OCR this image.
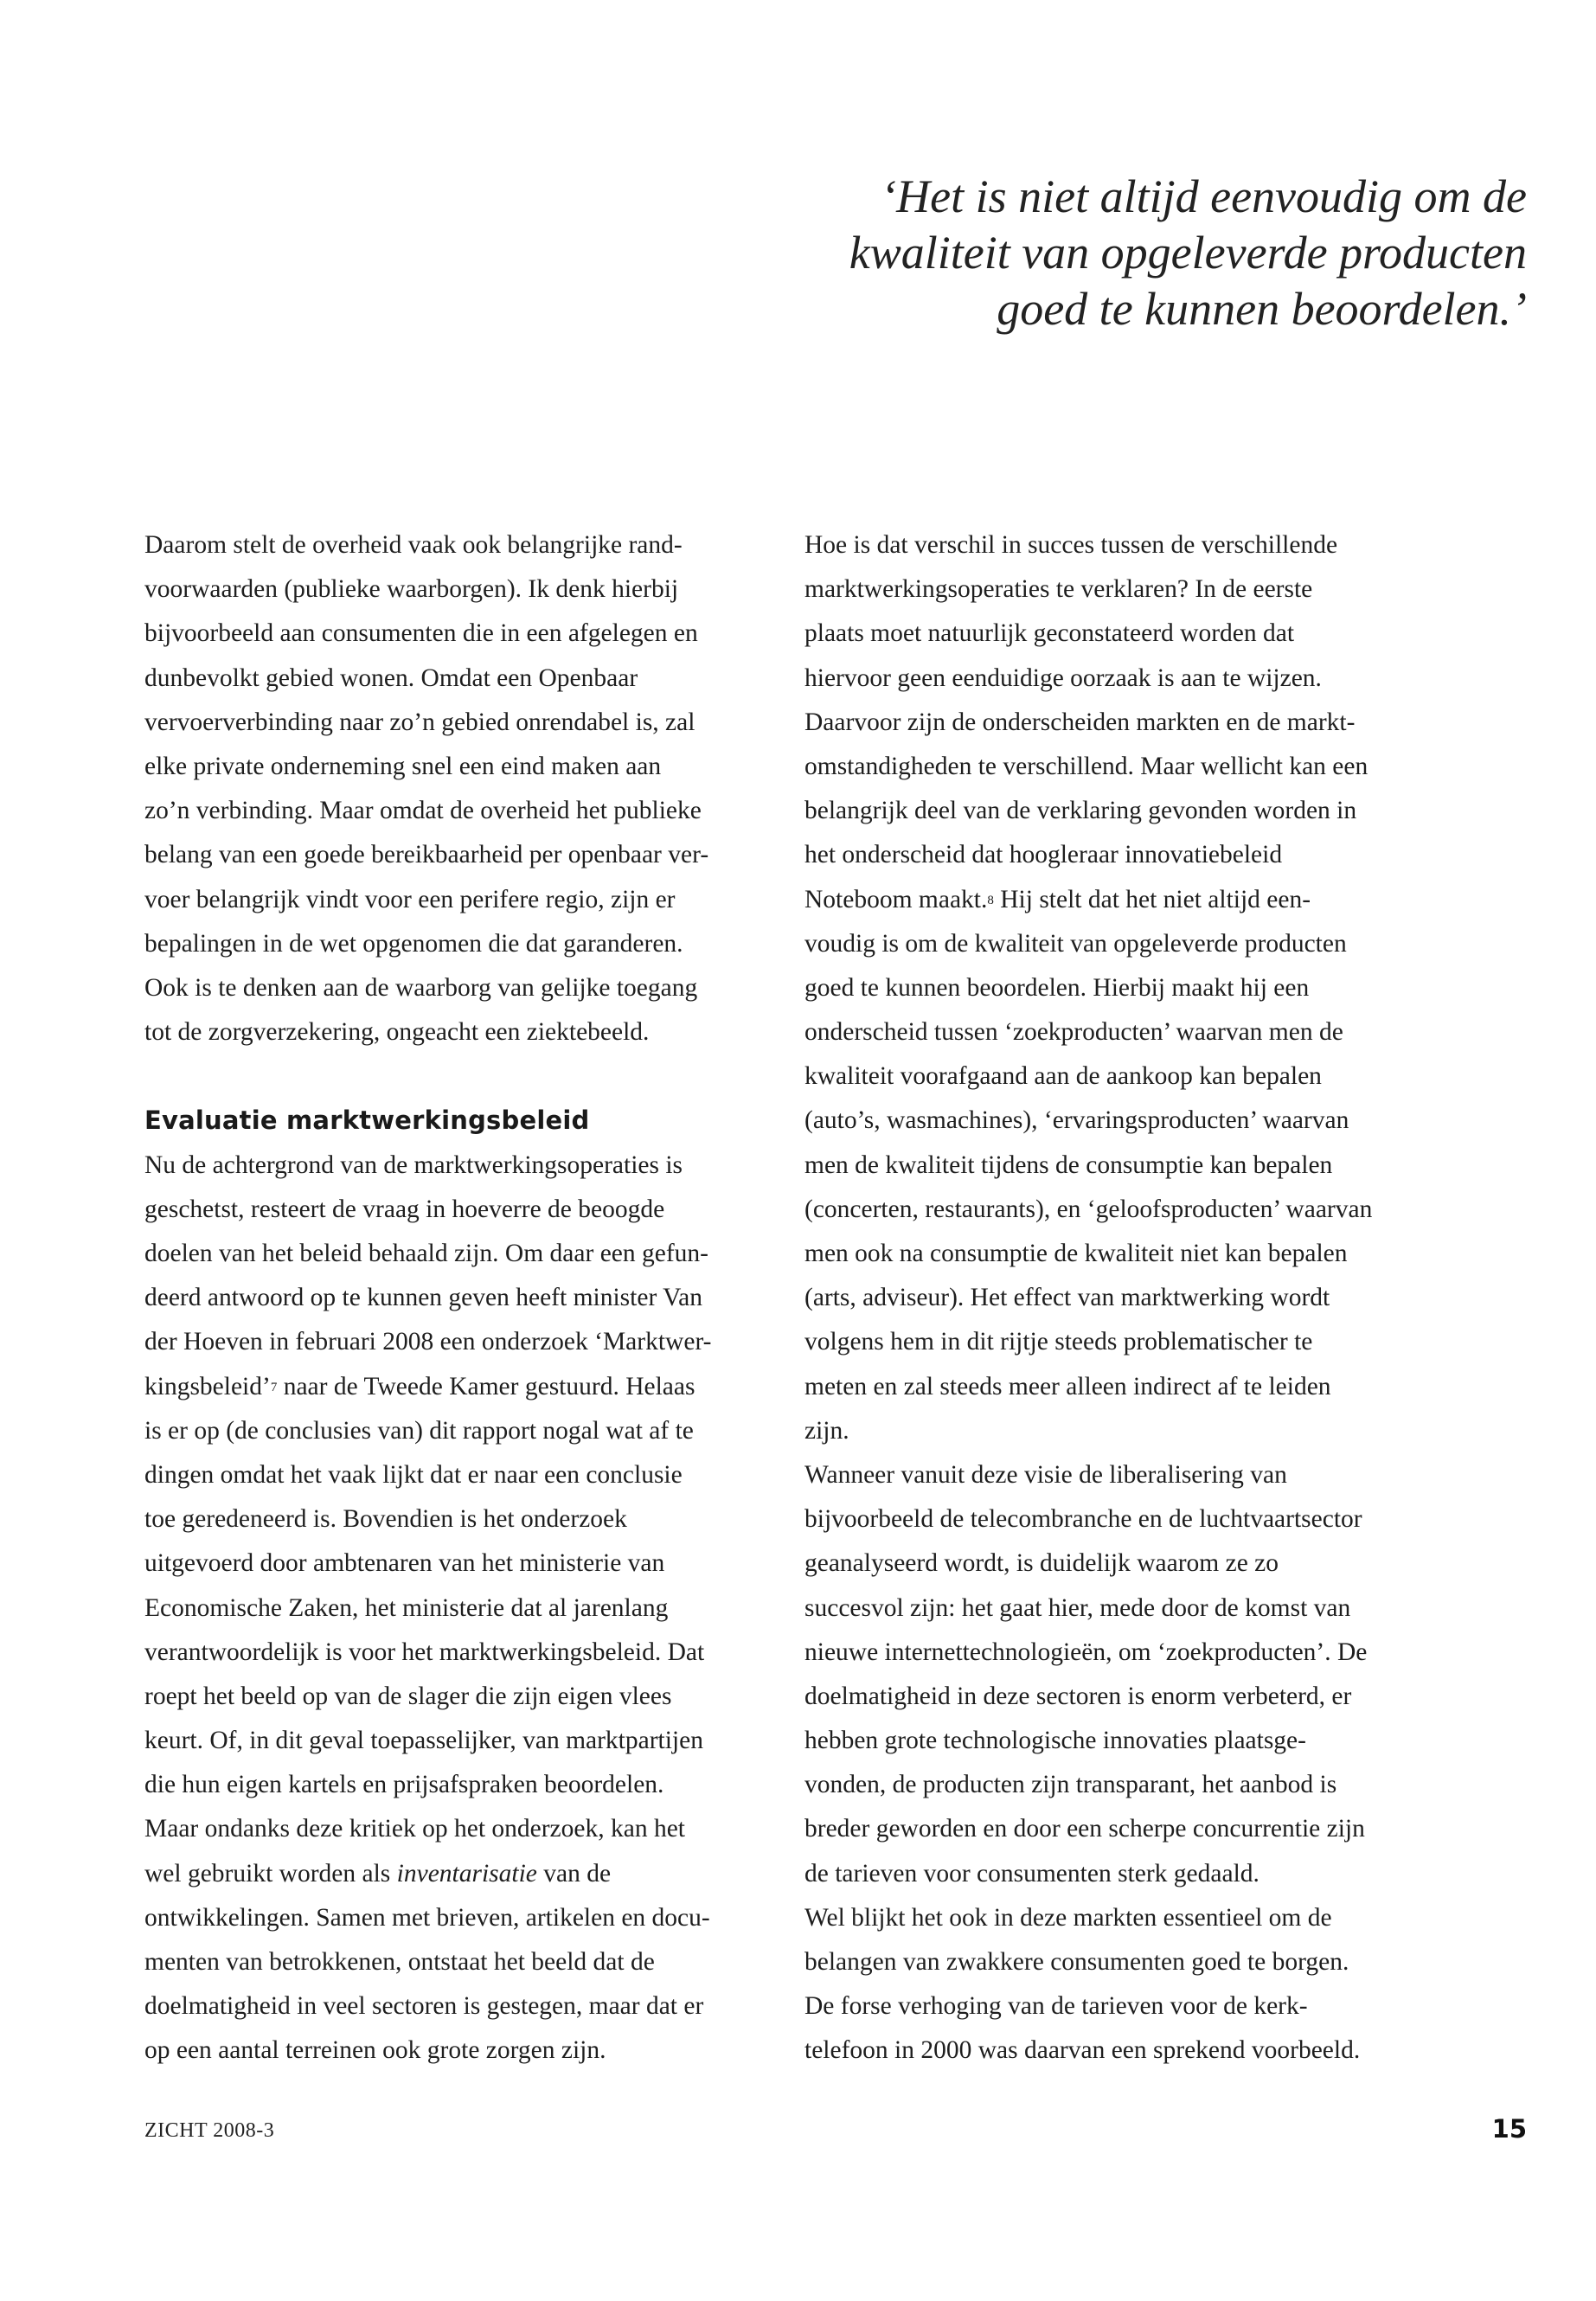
‘Het is niet altijd eenvoudig om de
kwaliteit van opgeleverde producten
goed te kunnen beoordelen.’
Daarom stelt de overheid vaak ook belangrijke rand-
voorwaarden (publieke waarborgen). Ik denk hierbij
bijvoorbeeld aan consumenten die in een afgelegen en
dunbevolkt gebied wonen. Omdat een Openbaar
vervoerverbinding naar zo’n gebied onrendabel is, zal
elke private onderneming snel een eind maken aan
zo’n verbinding. Maar omdat de overheid het publieke
belang van een goede bereikbaarheid per openbaar ver-
voer belangrijk vindt voor een perifere regio, zijn er
bepalingen in de wet opgenomen die dat garanderen.
Ook is te denken aan de waarborg van gelijke toegang
tot de zorgverzekering, ongeacht een ziektebeeld.
Evaluatie marktwerkingsbeleid
Nu de achtergrond van de marktwerkingsoperaties is
geschetst, resteert de vraag in hoeverre de beoogde
doelen van het beleid behaald zijn. Om daar een gefun-
deerd antwoord op te kunnen geven heeft minister Van
der Hoeven in februari 2008 een onderzoek ‘Marktwer-
kingsbeleid’$^7$ naar de Tweede Kamer gestuurd. Helaas
is er op (de conclusies van) dit rapport nogal wat af te
dingen omdat het vaak lijkt dat er naar een conclusie
toe geredeneerd is. Bovendien is het onderzoek
uitgevoerd door ambtenaren van het ministerie van
Economische Zaken, het ministerie dat al jarenlang
verantwoordelijk is voor het marktwerkingsbeleid. Dat
roept het beeld op van de slager die zijn eigen vlees
keurt. Of, in dit geval toepasselijker, van marktpartijen
die hun eigen kartels en prijsafspraken beoordelen.
Maar ondanks deze kritiek op het onderzoek, kan het
wel gebruikt worden als inventarisatie van de
ontwikkelingen. Samen met brieven, artikelen en docu-
menten van betrokkenen, ontstaat het beeld dat de
doelmatigheid in veel sectoren is gestegen, maar dat er
op een aantal terreinen ook grote zorgen zijn.
Hoe is dat verschil in succes tussen de verschillende
marktwerkingsoperaties te verklaren? In de eerste
plaats moet natuurlijk geconstateerd worden dat
hiervoor geen eenduidige oorzaak is aan te wijzen.
Daarvoor zijn de onderscheiden markten en de markt-
omstandigheden te verschillend. Maar wellicht kan een
belangrijk deel van de verklaring gevonden worden in
het onderscheid dat hoogleraar innovatiebeleid
Noteboom maakt.$^8$ Hij stelt dat het niet altijd een-
voudig is om de kwaliteit van opgeleverde producten
goed te kunnen beoordelen. Hierbij maakt hij een
onderscheid tussen ‘zoekproducten’ waarvan men de
kwaliteit voorafgaand aan de aankoop kan bepalen
(auto’s, wasmachines), ‘ervaringsproducten’ waarvan
men de kwaliteit tijdens de consumptie kan bepalen
(concerten, restaurants), en ‘geloofsproducten’ waarvan
men ook na consumptie de kwaliteit niet kan bepalen
(arts, adviseur). Het effect van marktwerking wordt
volgens hem in dit rijtje steeds problematischer te
meten en zal steeds meer alleen indirect af te leiden
zijn.
Wanneer vanuit deze visie de liberalisering van
bijvoorbeeld de telecombranche en de luchtvaartsector
geanalyseerd wordt, is duidelijk waarom ze zo
succesvol zijn: het gaat hier, mede door de komst van
nieuwe internettechnologieën, om ‘zoekproducten’. De
doelmatigheid in deze sectoren is enorm verbeterd, er
hebben grote technologische innovaties plaatsge-
vonden, de producten zijn transparant, het aanbod is
breder geworden en door een scherpe concurrentie zijn
de tarieven voor consumenten sterk gedaald.
Wel blijkt het ook in deze markten essentieel om de
belangen van zwakkere consumenten goed te borgen.
De forse verhoging van de tarieven voor de kerk-
telefoon in 2000 was daarvan een sprekend voorbeeld.
ZICHT 2008-3	15
